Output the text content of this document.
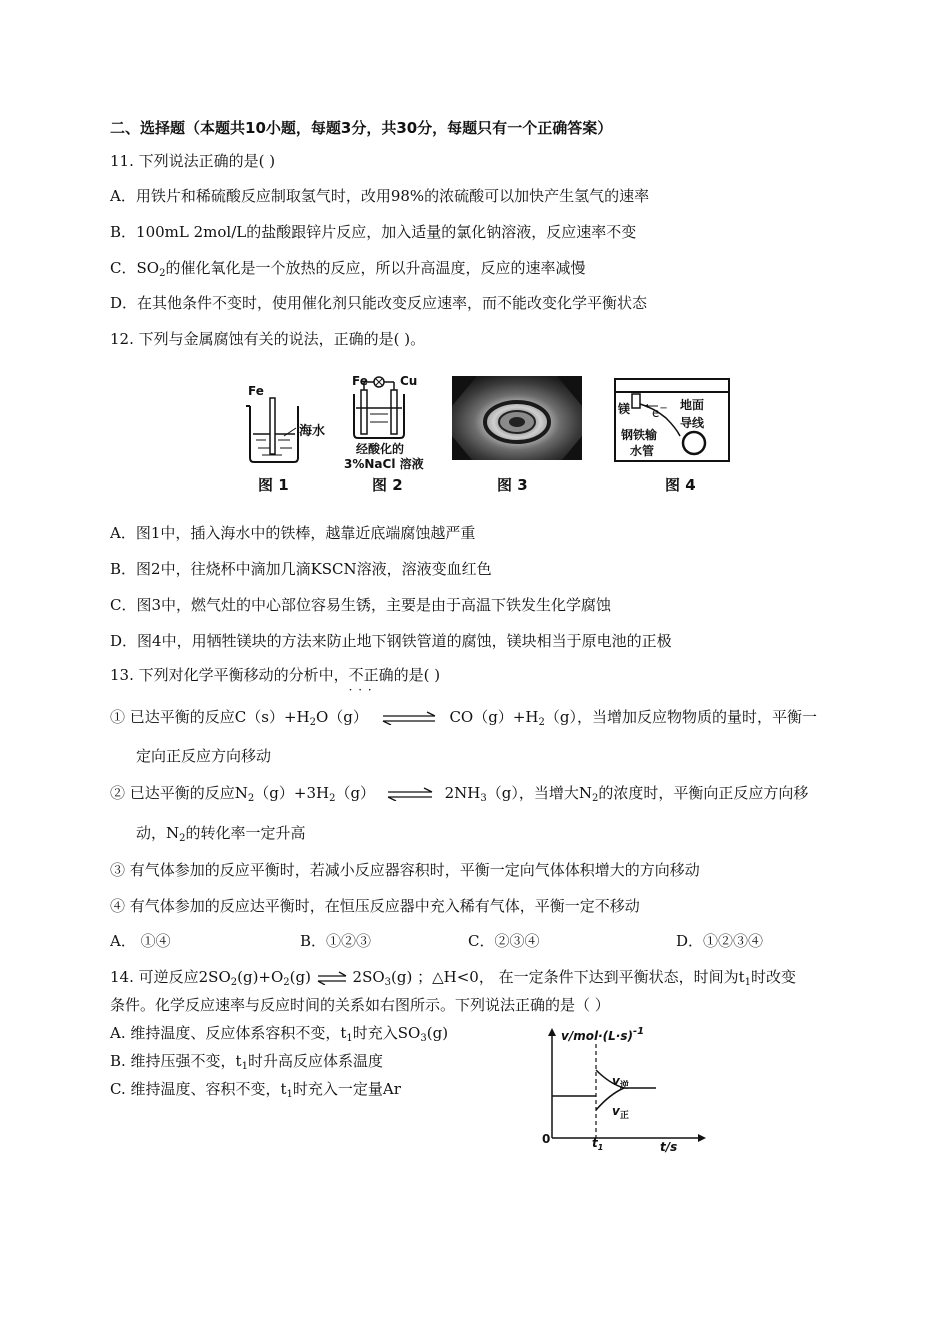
二、选择题（本题共10小题，每题3分，共30分，每题只有一个正确答案）
11. 下列说法正确的是( )
A．用铁片和稀硫酸反应制取氢气时，改用98%的浓硫酸可以加快产生氢气的速率
B．100mL 2mol/L的盐酸跟锌片反应，加入适量的氯化钠溶液，反应速率不变
C．$SO_2$的催化氧化是一个放热的反应，所以升高温度，反应的速率减慢
D．在其他条件不变时，使用催化剂只能改变反应速率，而不能改变化学平衡状态
12. 下列与金属腐蚀有关的说法，正确的是( )。
Fe
海水
图 1
Fe	Cu
经酸化的
3%NaCl 溶液
图 2	图 3
镁 e− 地面
导线
钢铁输
水管
图 4
A．图1中，插入海水中的铁棒，越靠近底端腐蚀越严重
B．图2中，往烧杯中滴加几滴KSCN溶液，溶液变血红色
C．图3中，燃气灶的中心部位容易生锈，主要是由于高温下铁发生化学腐蚀
D．图4中，用牺牲镁块的方法来防止地下钢铁管道的腐蚀，镁块相当于原电池的正极
13. 下列对化学平衡移动的分析中，不正确 · · ·的是( )
① 已达平衡的反应$C(s)+H_2O(g)$ ⇌ $CO(g)+H_2(g)$，当增加反应物物质的量时，平衡一
定向正反应方向移动
② 已达平衡的反应$N_2(g)+3H_2(g)$ ⇌ $2NH_3(g)$，当增大$N_2$的浓度时，平衡向正反应方向移
动，$N_2$的转化率一定升高
③ 有气体参加的反应平衡时，若减小反应器容积时，平衡一定向气体体积增大的方向移动
④ 有气体参加的反应达平衡时，在恒压反应器中充入稀有气体，平衡一定不移动
A． ①④	B．①②③	C．②③④	D．①②③④
14. 可逆反应$2SO_2(g)+O_2(g)$ ⇌ $2SO_3(g)$ ；△H<0， 在一定条件下达到平衡状态，时间为$t_1$时改变
条件。化学反应速率与反应时间的关系如右图所示。下列说法正确的是（ ）
A. 维持温度、反应体系容积不变，$t_1$时充入$SO_3(g)$
B. 维持压强不变，$t_1$时升高反应体系温度
C. 维持温度、容积不变，$t_1$时充入一定量Ar
$v/mol\cdot(L\cdot s)^{-1}$
$v_逆$
$v_正$
0	$t_1$	t/s
